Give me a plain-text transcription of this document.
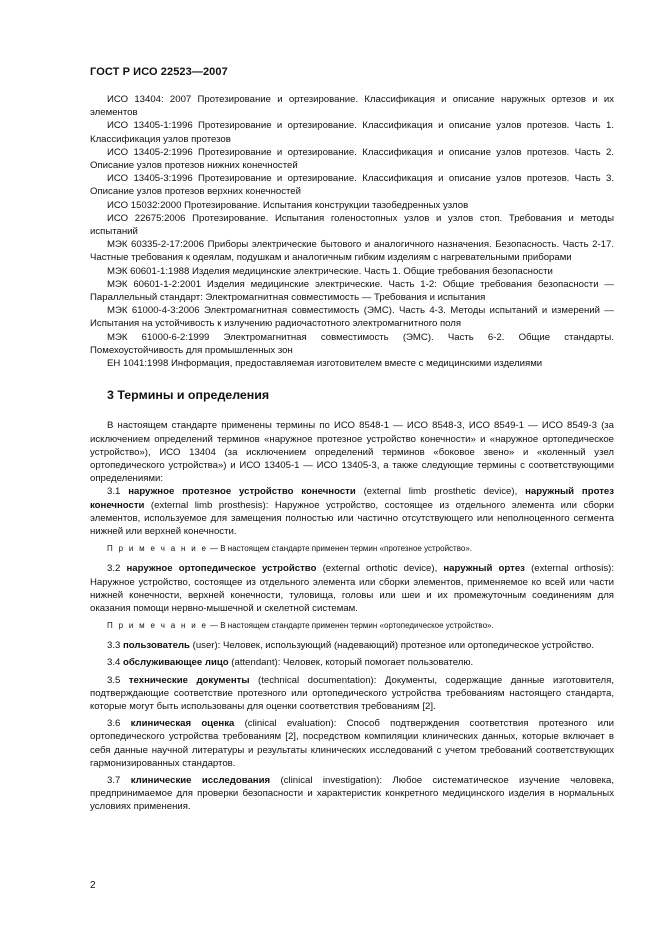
ГОСТ Р ИСО 22523—2007

ИСО 13404: 2007 Протезирование и ортезирование. Классификация и описание наружных ортезов и их элементов

ИСО 13405-1:1996 Протезирование и ортезирование. Классификация и описание узлов протезов. Часть 1. Классификация узлов протезов

ИСО 13405-2:1996 Протезирование и ортезирование. Классификация и описание узлов протезов. Часть 2. Описание узлов протезов нижних конечностей

ИСО 13405-3:1996 Протезирование и ортезирование. Классификация и описание узлов протезов. Часть 3. Описание узлов протезов верхних конечностей

ИСО 15032:2000 Протезирование. Испытания конструкции тазобедренных узлов

ИСО 22675:2006 Протезирование. Испытания голеностопных узлов и узлов стоп. Требования и методы испытаний

МЭК 60335-2-17:2006 Приборы электрические бытового и аналогичного назначения. Безопасность. Часть 2-17. Частные требования к одеялам, подушкам и аналогичным гибким изделиям с нагревательными приборами

МЭК 60601-1:1988 Изделия медицинские электрические. Часть 1. Общие требования безопасности

МЭК 60601-1-2:2001 Изделия медицинские электрические. Часть 1-2: Общие требования безопасности — Параллельный стандарт: Электромагнитная совместимость — Требования и испытания

МЭК 61000-4-3:2006 Электромагнитная совместимость (ЭМС). Часть 4-3. Методы испытаний и измерений — Испытания на устойчивость к излучению радиочастотного электромагнитного поля

МЭК 61000-6-2:1999 Электромагнитная совместимость (ЭМС). Часть 6-2. Общие стандарты. Помехоустойчивость для промышленных зон

ЕН 1041:1998 Информация, предоставляемая изготовителем вместе с медицинскими изделиями

3 Термины и определения

В настоящем стандарте применены термины по ИСО 8548-1 — ИСО 8548-3, ИСО 8549-1 — ИСО 8549-3 (за исключением определений терминов «наружное протезное устройство конечности» и «наружное ортопедическое устройство»), ИСО 13404 (за исключением определений терминов «боковое звено» и «коленный узел ортопедического устройства») и ИСО 13405-1 — ИСО 13405-3, а также следующие термины с соответствующими определениями:

3.1 наружное протезное устройство конечности (external limb prosthetic device), наружный протез конечности (external limb prosthesis): Наружное устройство, состоящее из отдельного элемента или сборки элементов, используемое для замещения полностью или частично отсутствующего или неполноценного сегмента нижней или верхней конечности.

П р и м е ч а н и е — В настоящем стандарте применен термин «протезное устройство».

3.2 наружное ортопедическое устройство (external orthotic device), наружный ортез (external orthosis): Наружное устройство, состоящее из отдельного элемента или сборки элементов, применяемое ко всей или части нижней конечности, верхней конечности, туловища, головы или шеи и их промежуточным соединениям для оказания помощи нервно-мышечной и скелетной системам.

П р и м е ч а н и е — В настоящем стандарте применен термин «ортопедическое устройство».

3.3 пользователь (user): Человек, использующий (надевающий) протезное или ортопедическое устройство.

3.4 обслуживающее лицо (attendant): Человек, который помогает пользователю.

3.5 технические документы (technical documentation): Документы, содержащие данные изготовителя, подтверждающие соответствие протезного или ортопедического устройства требованиям настоящего стандарта, которые могут быть использованы для оценки соответствия требованиям [2].

3.6 клиническая оценка (clinical evaluation): Способ подтверждения соответствия протезного или ортопедического устройства требованиям [2], посредством компиляции клинических данных, которые включает в себя данные научной литературы и результаты клинических исследований с учетом требований соответствующих гармонизированных стандартов.

3.7 клинические исследования (clinical investigation): Любое систематическое изучение человека, предпринимаемое для проверки безопасности и характеристик конкретного медицинского изделия в нормальных условиях применения.

2
